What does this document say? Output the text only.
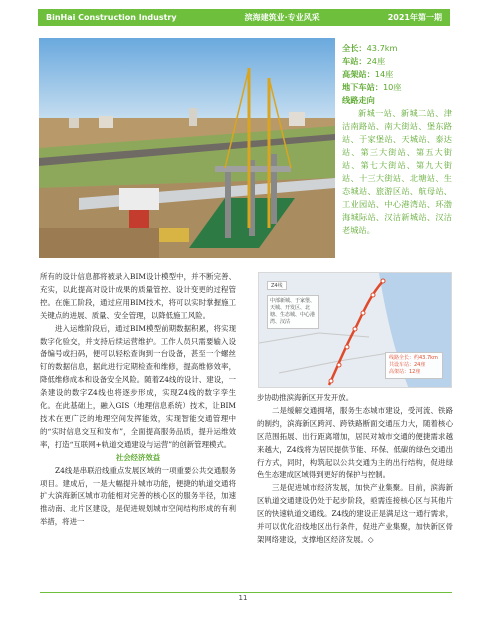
BinHai Construction Industry	滨海建筑业·专业风采	2021年第一期
全长：43.7km
车站：24座
高架站：14座
地下车站：10座
线路走向
新城一站、新城二站、津沽南路站、南大街站、堡东路站、于家堡站、天城站、泰达站、第三大街站、第五大街站、第七大街站、第九大街站、十三大街站、北塘站、生态城站、旅游区站、航母站、工业园站、中心港湾站、环渤海城际站、汉沽新城站、汉沽老城站。

所有的设计信息都将被录入BIM设计模型中，并不断完善、充实，以此提高对设计成果的质量管控、设计变更的过程管控。在施工阶段，通过应用BIM技术，将可以实时掌握施工关键点的进展、质量、安全管理，以降低施工风险。

进入运维阶段后，通过BIM模型前期数据积累，将实现数字化验交，并支持后续运营维护。工作人员只需要输入设备编号或扫码，便可以轻松查询到一台设备，甚至一个螺丝钉的数据信息，据此进行定期检查和维修，提高维修效率，降低维修成本和设备安全风险。随着Z4线的设计、建设，一条建设的数字Z4线也将逐步形成，实现Z4线的数字孪生化。在此基础上，融入GIS（地理信息系统）技术，让BIM技术在更广泛的地理空间发挥能效，实现智能交通管理中的“实时信息交互和发布”，全面提高服务品质，提升运维效率，打造“互联网+轨道交通建设与运营”的创新管理模式。

社会经济效益

Z4线是串联沿线重点发展区域的一项重要公共交通服务项目。建成后，一是大幅提升城市功能，便捷的轨道交通将扩大滨海新区城市功能相对完善的核心区的服务半径，加速推动南、北片区建设，是促进规划城市空间结构形成的有利举措，将进一

Z4线
中部新城、于家堡、天城、开发区、北塘、生态城、中心港湾、汉沽
线路全长：约43.7km
共设车站：24座
高架站：12座

步协助推滨海新区开发开放。

二是缓解交通拥堵，服务生态城市建设，受河流、铁路的制约，滨海新区跨河、跨铁路断面交通压力大，随着核心区范围拓展、出行距离增加，居民对城市交通的便捷需求越来越大，Z4线将为居民提供节能、环保、低碳的绿色交通出行方式，同时，构筑起以公共交通为主的出行结构，促进绿色生态建成区域得到更好的保护与控制。

三是促进城市经济发展，加快产业集聚。目前，滨海新区轨道交通建设仍处于起步阶段，亟需连接核心区与其他片区的快速轨道交通线。Z4线的建设正是满足这一通行需求，并可以优化沿线地区出行条件，促进产业集聚，加快新区骨架网络建设，支撑地区经济发展。◇

11
